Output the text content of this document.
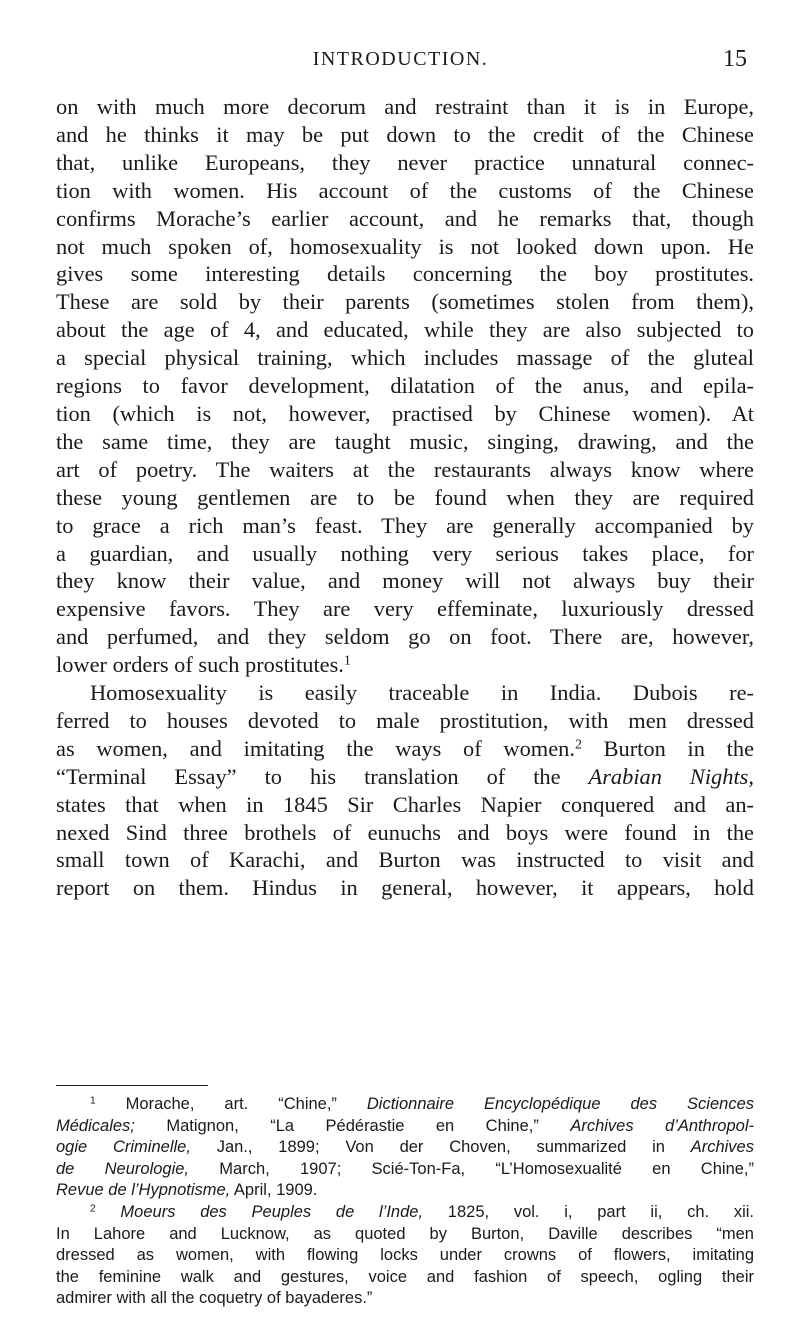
INTRODUCTION.	15

on with much more decorum and restraint than it is in Europe,

and he thinks it may be put down to the credit of the Chinese

that, unlike Europeans, they never practice unnatural connec-

tion with women. His account of the customs of the Chinese

confirms Morache’s earlier account, and he remarks that, though

not much spoken of, homosexuality is not looked down upon. He

gives some interesting details concerning the boy prostitutes.

These are sold by their parents (sometimes stolen from them),

about the age of 4, and educated, while they are also subjected to

a special physical training, which includes massage of the gluteal

regions to favor development, dilatation of the anus, and epila-

tion (which is not, however, practised by Chinese women). At

the same time, they are taught music, singing, drawing, and the

art of poetry. The waiters at the restaurants always know where

these young gentlemen are to be found when they are required

to grace a rich man’s feast. They are generally accompanied by

a guardian, and usually nothing very serious takes place, for

they know their value, and money will not always buy their

expensive favors. They are very effeminate, luxuriously dressed

and perfumed, and they seldom go on foot. There are, however,

lower orders of such prostitutes.$^1$

Homosexuality is easily traceable in India. Dubois re-

ferred to houses devoted to male prostitution, with men dressed

as women, and imitating the ways of women.$^2$ Burton in the

“Terminal Essay” to his translation of the Arabian Nights,

states that when in 1845 Sir Charles Napier conquered and an-

nexed Sind three brothels of eunuchs and boys were found in the

small town of Karachi, and Burton was instructed to visit and

report on them. Hindus in general, however, it appears, hold

$^1$ Morache, art. “Chine,” Dictionnaire Encyclopédique des Sciences

Médicales; Matignon, “La Pédérastie en Chine,” Archives d’Anthropol-

ogie Criminelle, Jan., 1899; Von der Choven, summarized in Archives

de Neurologie, March, 1907; Scié-Ton-Fa, “L’Homosexualité en Chine,”

Revue de l’Hypnotisme, April, 1909.

$^2$ Moeurs des Peuples de l’Inde, 1825, vol. i, part ii, ch. xii.

In Lahore and Lucknow, as quoted by Burton, Daville describes “men

dressed as women, with flowing locks under crowns of flowers, imitating

the feminine walk and gestures, voice and fashion of speech, ogling their

admirer with all the coquetry of bayaderes.”
